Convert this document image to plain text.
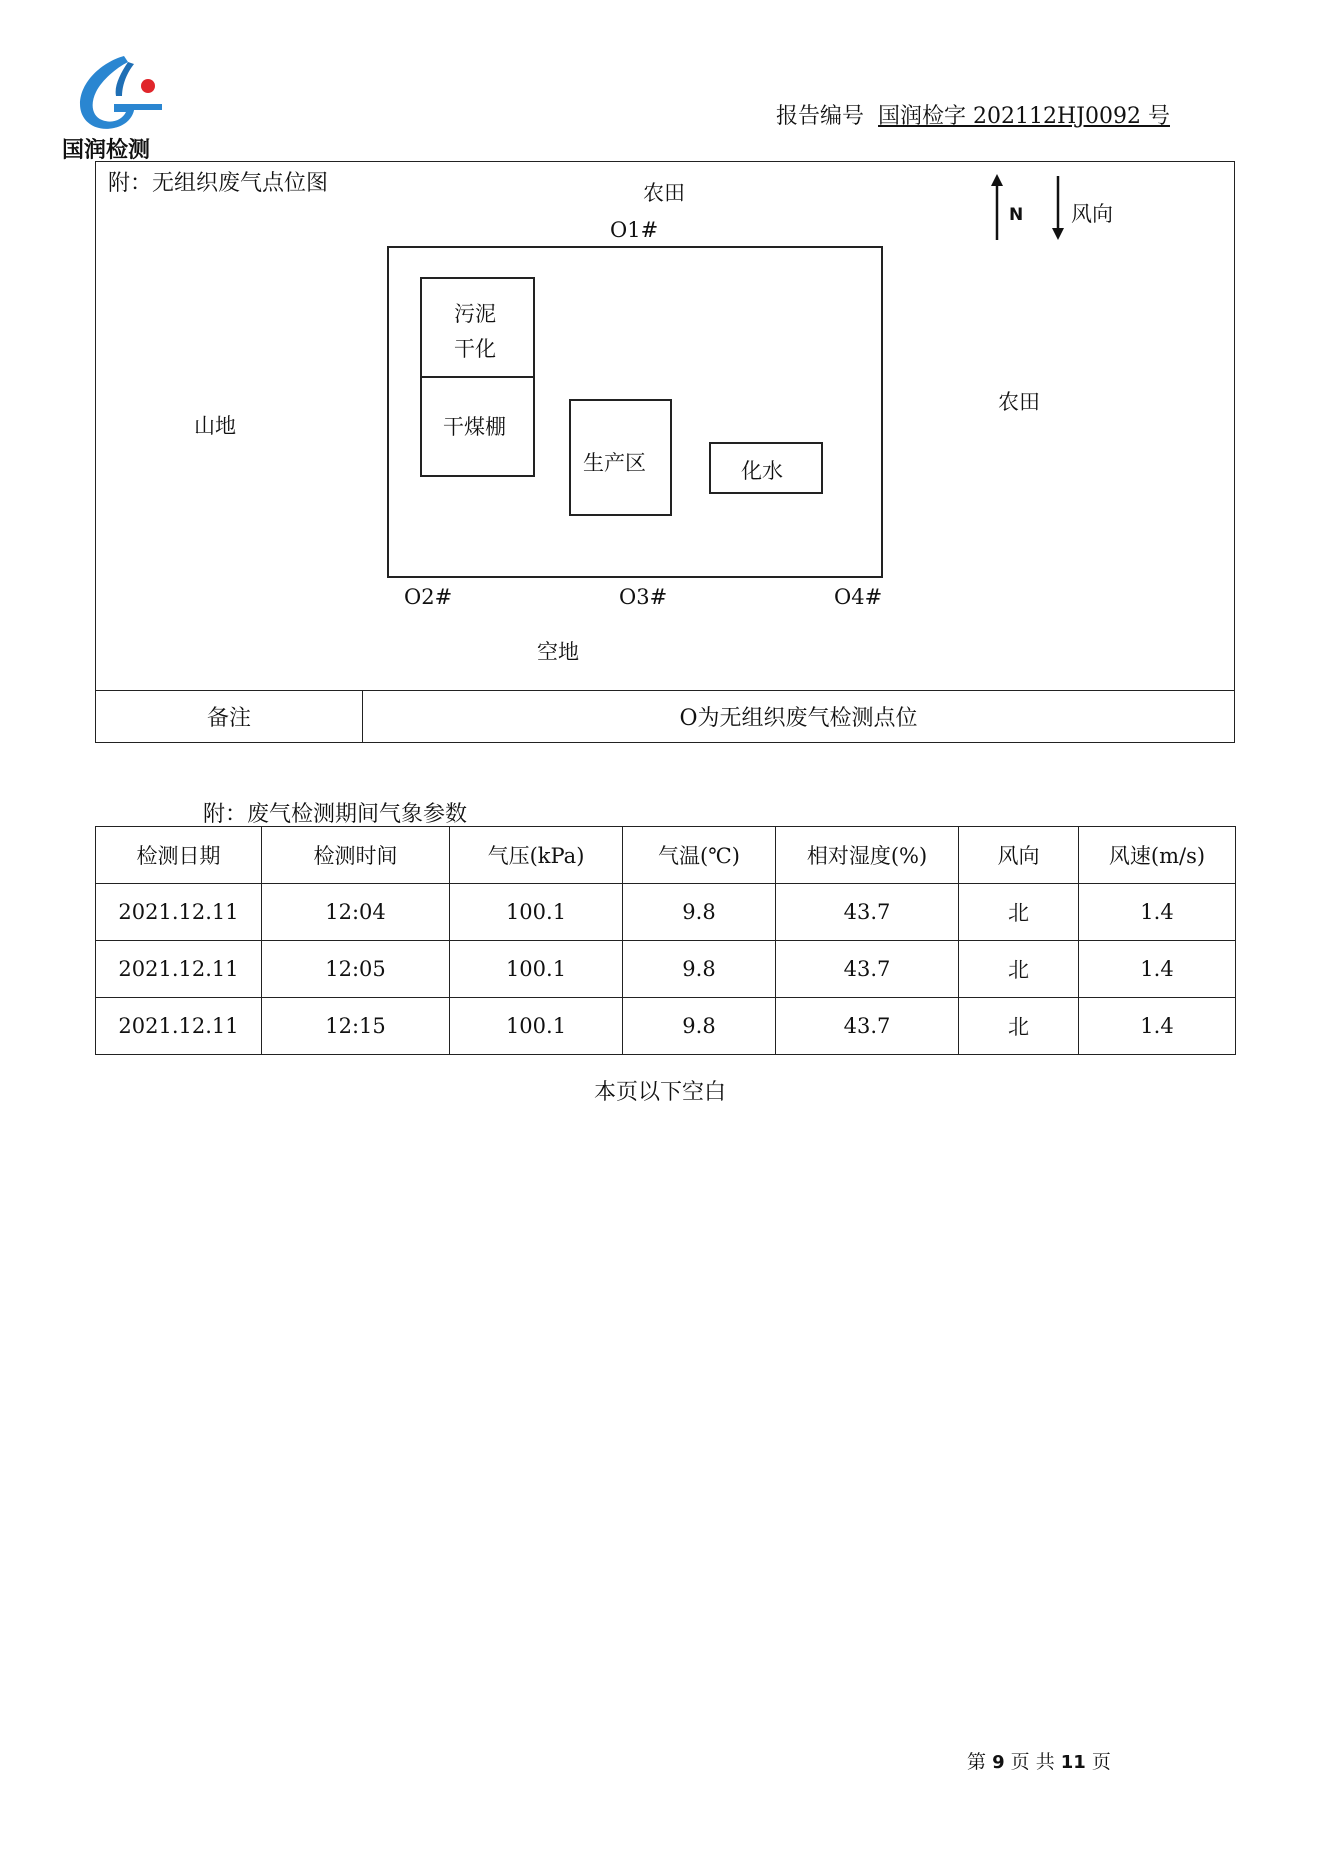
国润检测
报告编号 国润检字 202112HJ0092 号
附：无组织废气点位图	农田
山地
农田
空地
N 风向
O1#
O2#	O3#	O4#
污泥
干化
干煤棚
生产区	化水
备注	O为无组织废气检测点位
附：废气检测期间气象参数
检测日期	检测时间	气压(kPa)	气温(℃)	相对湿度(%)	风向	风速(m/s)
2021.12.11	12:04	100.1	9.8	43.7	北	1.4
2021.12.11	12:05	100.1	9.8	43.7	北	1.4
2021.12.11	12:15	100.1	9.8	43.7	北	1.4
本页以下空白
第 9 页 共 11 页
